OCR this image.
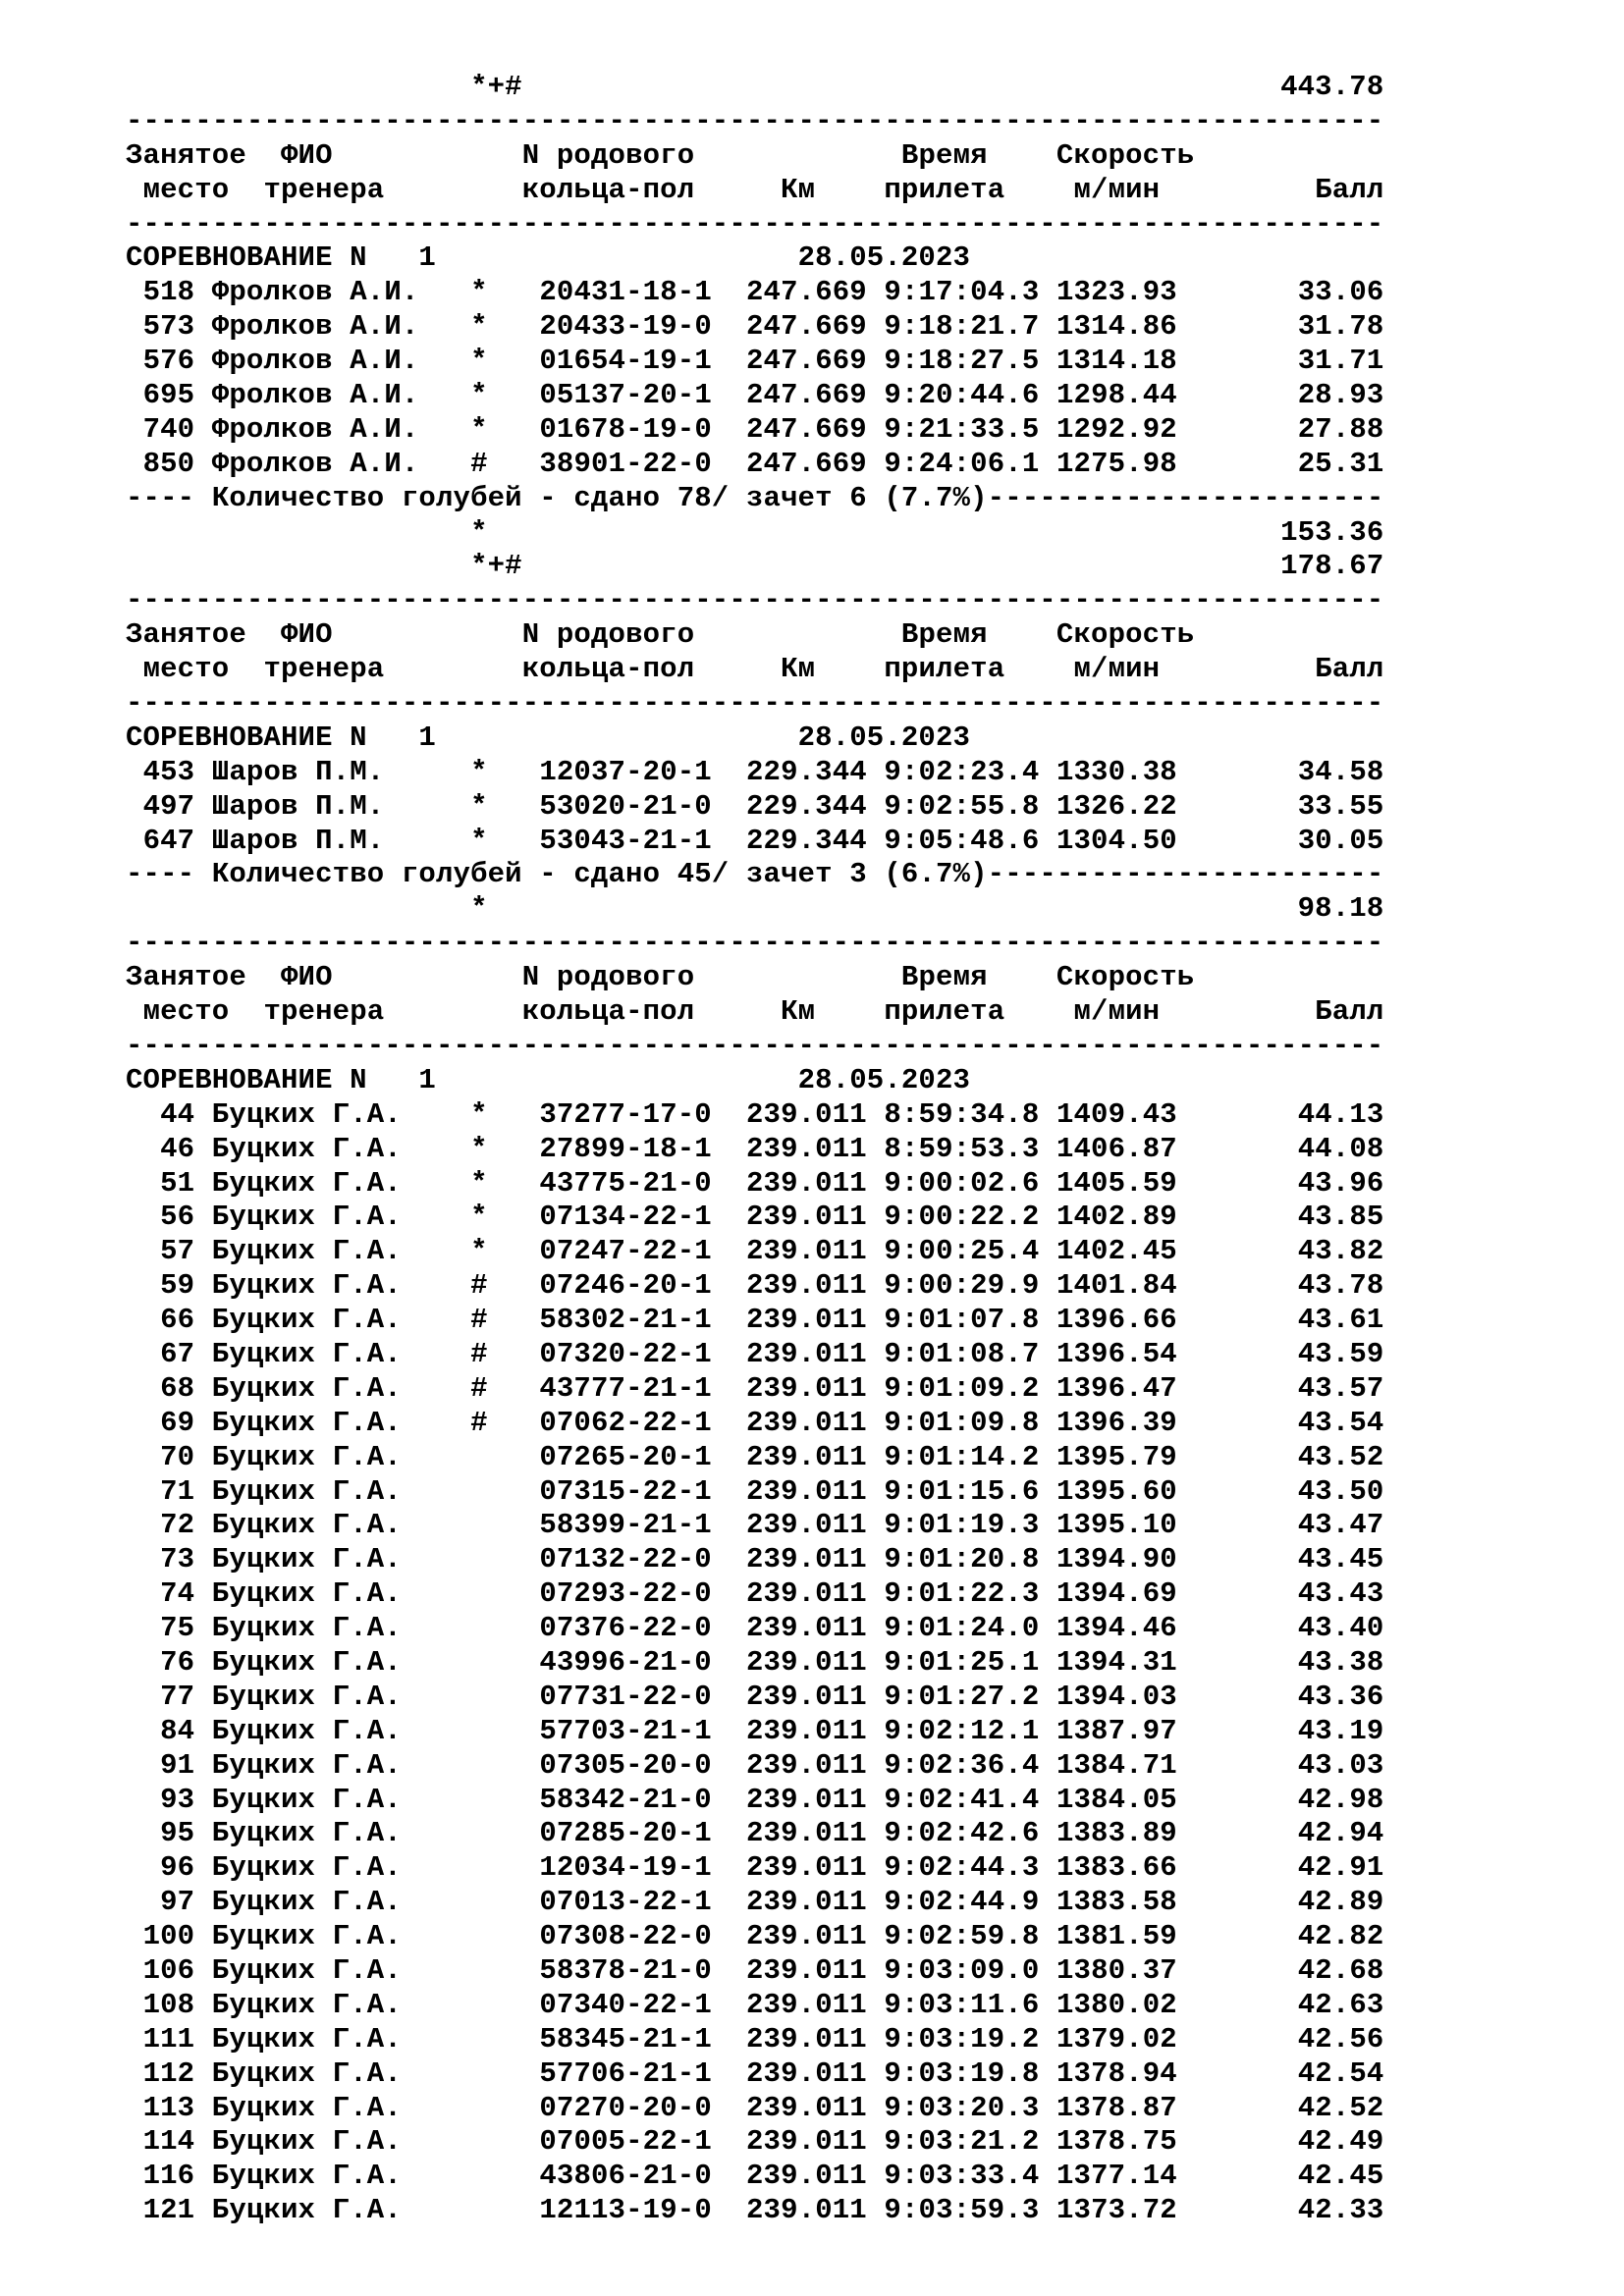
*+#	443.78
-------------------------------------------------------------------------
Занятое ФИО	N родового	Время Скорость
место тренера	кольца-пол	Км прилета м/мин	Балл
-------------------------------------------------------------------------
СОРЕВНОВАНИЕ N   1	28.05.2023
518 Фролков А.И. * 20431-18-1 247.669 9:17:04.3 1323.93	33.06
573 Фролков А.И. * 20433-19-0 247.669 9:18:21.7 1314.86	31.78
576 Фролков А.И. * 01654-19-1 247.669 9:18:27.5 1314.18	31.71
695 Фролков А.И. * 05137-20-1 247.669 9:20:44.6 1298.44	28.93
740 Фролков А.И. * 01678-19-0 247.669 9:21:33.5 1292.92	27.88
850 Фролков А.И. # 38901-22-0 247.669 9:24:06.1 1275.98	25.31
---- Количество голубей - сдано 78/ зачет 6 (7.7%)-----------------------
*	153.36
*+#	178.67
-------------------------------------------------------------------------
Занятое ФИО	N родового	Время Скорость
место тренера	кольца-пол	Км прилета м/мин	Балл
-------------------------------------------------------------------------
СОРЕВНОВАНИЕ N   1	28.05.2023
453 Шаров П.М.	* 12037-20-1 229.344 9:02:23.4 1330.38	34.58
497 Шаров П.М.	* 53020-21-0 229.344 9:02:55.8 1326.22	33.55
647 Шаров П.М.	* 53043-21-1 229.344 9:05:48.6 1304.50	30.05
---- Количество голубей - сдано 45/ зачет 3 (6.7%)-----------------------
*	98.18
-------------------------------------------------------------------------
Занятое ФИО	N родового	Время Скорость
место тренера	кольца-пол	Км прилета м/мин	Балл
-------------------------------------------------------------------------
СОРЕВНОВАНИЕ N   1	28.05.2023
44 Буцких Г.А. * 37277-17-0 239.011 8:59:34.8 1409.43	44.13
46 Буцких Г.А. * 27899-18-1 239.011 8:59:53.3 1406.87	44.08
51 Буцких Г.А. * 43775-21-0 239.011 9:00:02.6 1405.59	43.96
56 Буцких Г.А. * 07134-22-1 239.011 9:00:22.2 1402.89	43.85
57 Буцких Г.А. * 07247-22-1 239.011 9:00:25.4 1402.45	43.82
59 Буцких Г.А. # 07246-20-1 239.011 9:00:29.9 1401.84	43.78
66 Буцких Г.А. # 58302-21-1 239.011 9:01:07.8 1396.66	43.61
67 Буцких Г.А. # 07320-22-1 239.011 9:01:08.7 1396.54	43.59
68 Буцких Г.А. # 43777-21-1 239.011 9:01:09.2 1396.47	43.57
69 Буцких Г.А. # 07062-22-1 239.011 9:01:09.8 1396.39	43.54
70 Буцких Г.А.	07265-20-1 239.011 9:01:14.2 1395.79	43.52
71 Буцких Г.А.	07315-22-1 239.011 9:01:15.6 1395.60	43.50
72 Буцких Г.А.	58399-21-1 239.011 9:01:19.3 1395.10	43.47
73 Буцких Г.А.	07132-22-0 239.011 9:01:20.8 1394.90	43.45
74 Буцких Г.А.	07293-22-0 239.011 9:01:22.3 1394.69	43.43
75 Буцких Г.А.	07376-22-0 239.011 9:01:24.0 1394.46	43.40
76 Буцких Г.А.	43996-21-0 239.011 9:01:25.1 1394.31	43.38
77 Буцких Г.А.	07731-22-0 239.011 9:01:27.2 1394.03	43.36
84 Буцких Г.А.	57703-21-1 239.011 9:02:12.1 1387.97	43.19
91 Буцких Г.А.	07305-20-0 239.011 9:02:36.4 1384.71	43.03
93 Буцких Г.А.	58342-21-0 239.011 9:02:41.4 1384.05	42.98
95 Буцких Г.А.	07285-20-1 239.011 9:02:42.6 1383.89	42.94
96 Буцких Г.А.	12034-19-1 239.011 9:02:44.3 1383.66	42.91
97 Буцких Г.А.	07013-22-1 239.011 9:02:44.9 1383.58	42.89
100 Буцких Г.А.	07308-22-0 239.011 9:02:59.8 1381.59	42.82
106 Буцких Г.А.	58378-21-0 239.011 9:03:09.0 1380.37	42.68
108 Буцких Г.А.	07340-22-1 239.011 9:03:11.6 1380.02	42.63
111 Буцких Г.А.	58345-21-1 239.011 9:03:19.2 1379.02	42.56
112 Буцких Г.А.	57706-21-1 239.011 9:03:19.8 1378.94	42.54
113 Буцких Г.А.	07270-20-0 239.011 9:03:20.3 1378.87	42.52
114 Буцких Г.А.	07005-22-1 239.011 9:03:21.2 1378.75	42.49
116 Буцких Г.А.	43806-21-0 239.011 9:03:33.4 1377.14	42.45
121 Буцких Г.А.	12113-19-0 239.011 9:03:59.3 1373.72	42.33
